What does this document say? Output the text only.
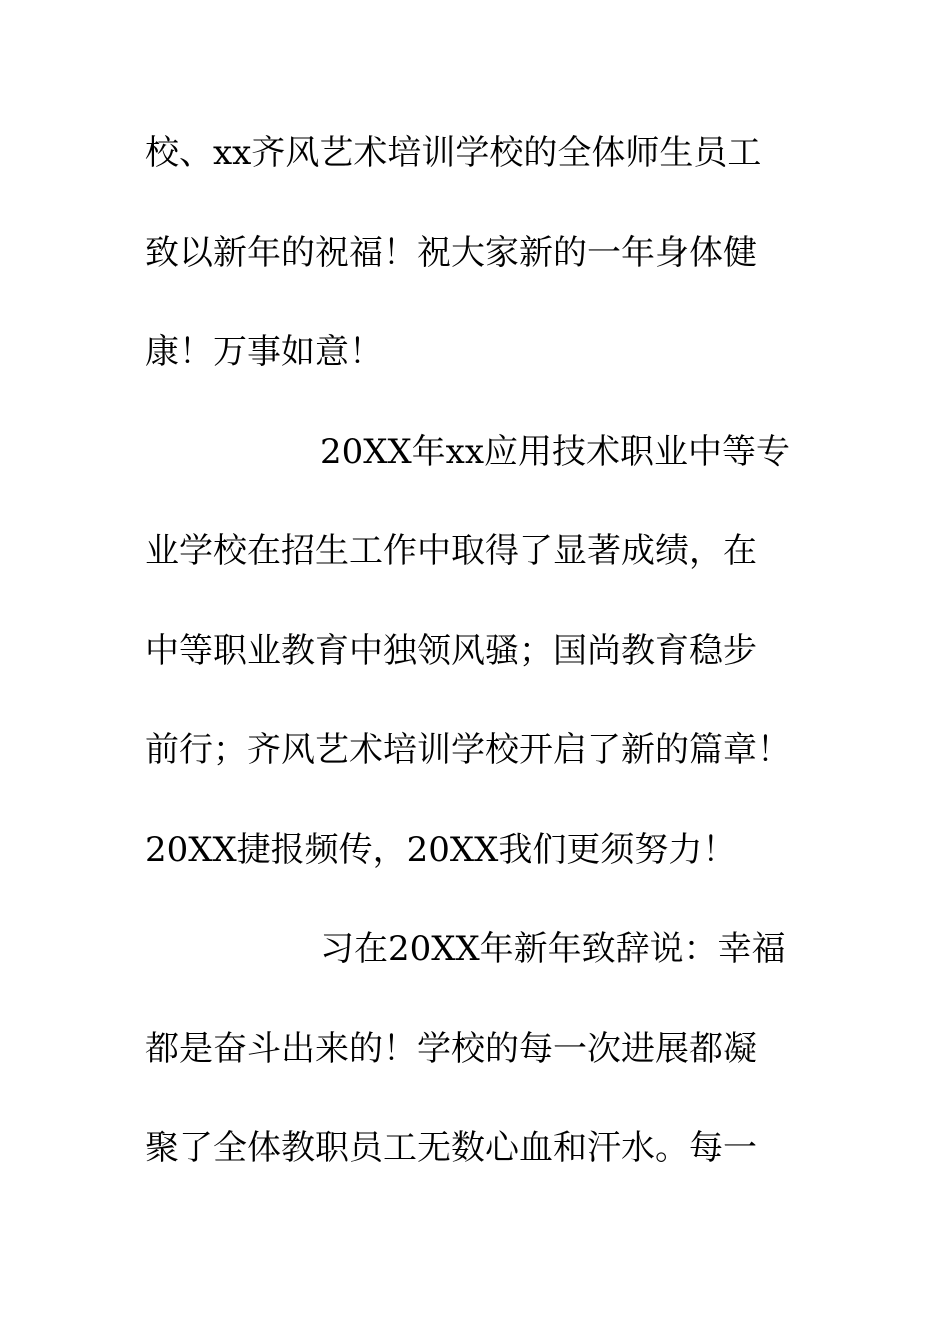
校、xx齐风艺术培训学校的全体师生员工
致以新年的祝福！祝大家新的一年身体健
康！万事如意！
20XX年xx应用技术职业中等专
业学校在招生工作中取得了显著成绩，在
中等职业教育中独领风骚；国尚教育稳步
前行；齐风艺术培训学校开启了新的篇章！
20XX捷报频传，20XX我们更须努力！
习在20XX年新年致辞说：幸福
都是奋斗出来的！学校的每一次进展都凝
聚了全体教职员工无数心血和汗水。每一
